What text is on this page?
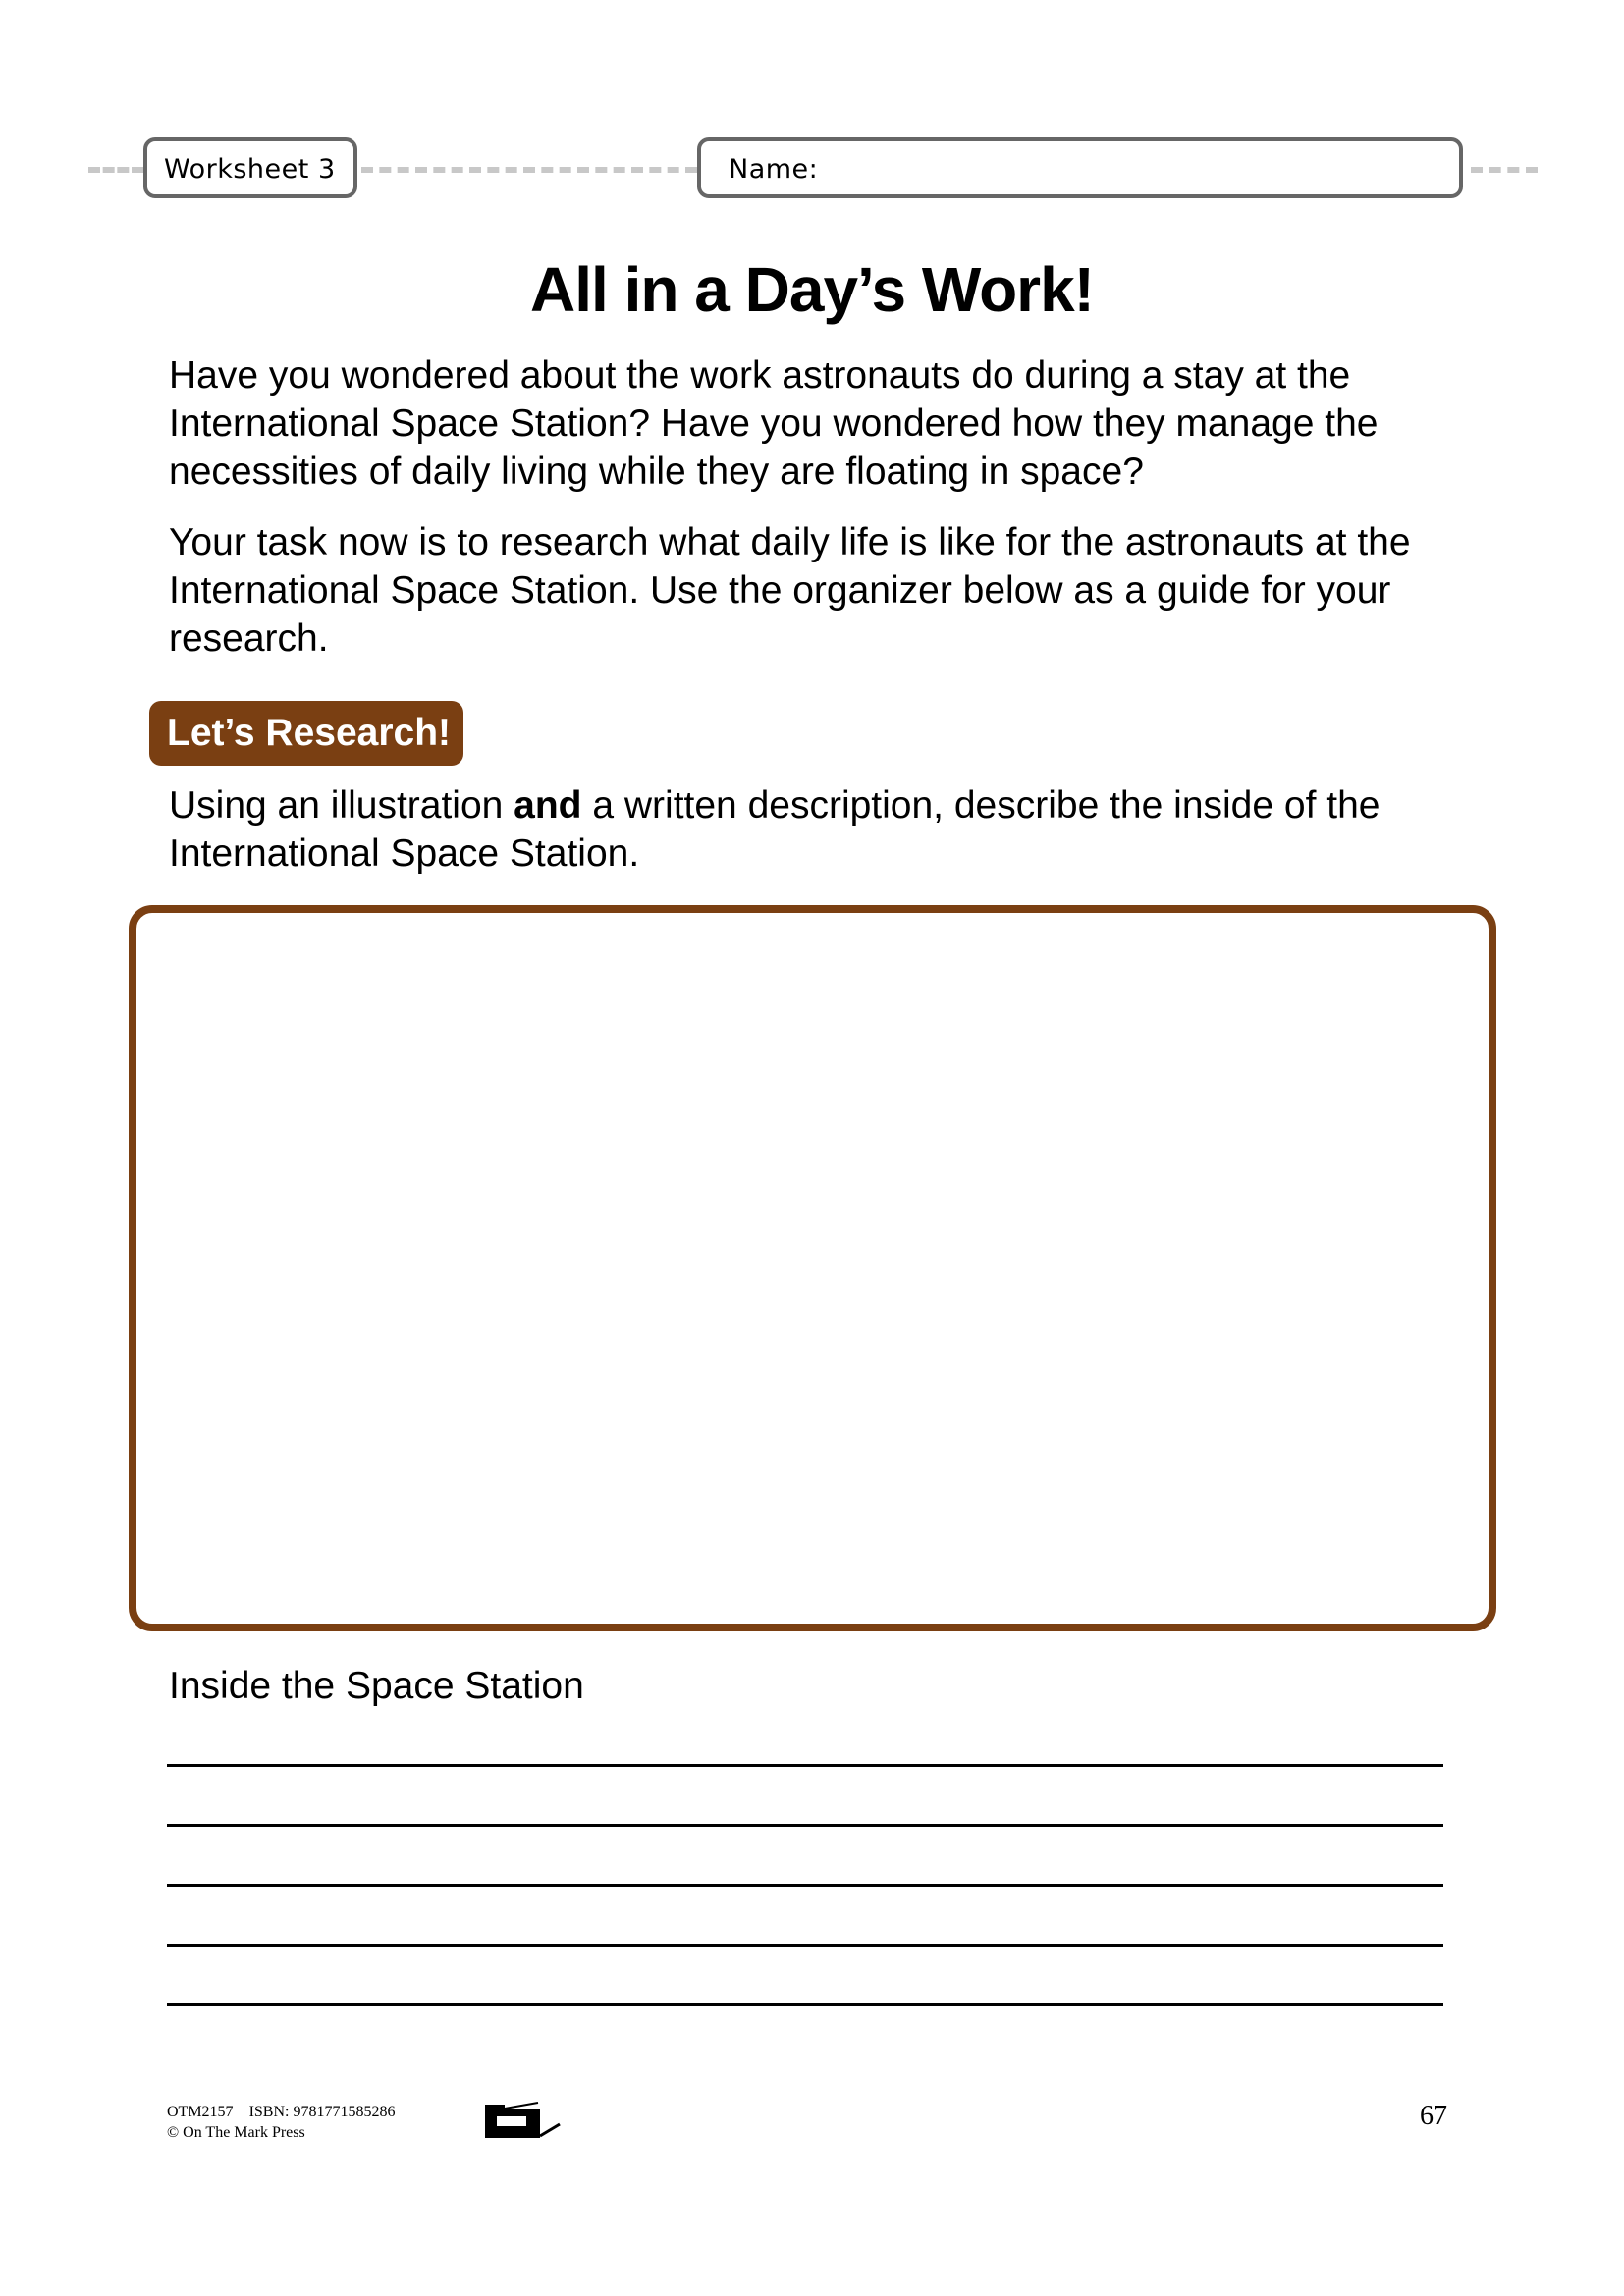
Worksheet 3	Name:
All in a Day’s Work!
Have you wondered about the work astronauts do during a stay at the
International Space Station? Have you wondered how they manage the
necessities of daily living while they are floating in space?
Your task now is to research what daily life is like for the astronauts at the
International Space Station. Use the organizer below as a guide for your
research.
Let’s Research!
Using an illustration and a written description, describe the inside of the
International Space Station.
Inside the Space Station
OTM2157 ISBN: 9781771585286
© On The Mark Press
67
